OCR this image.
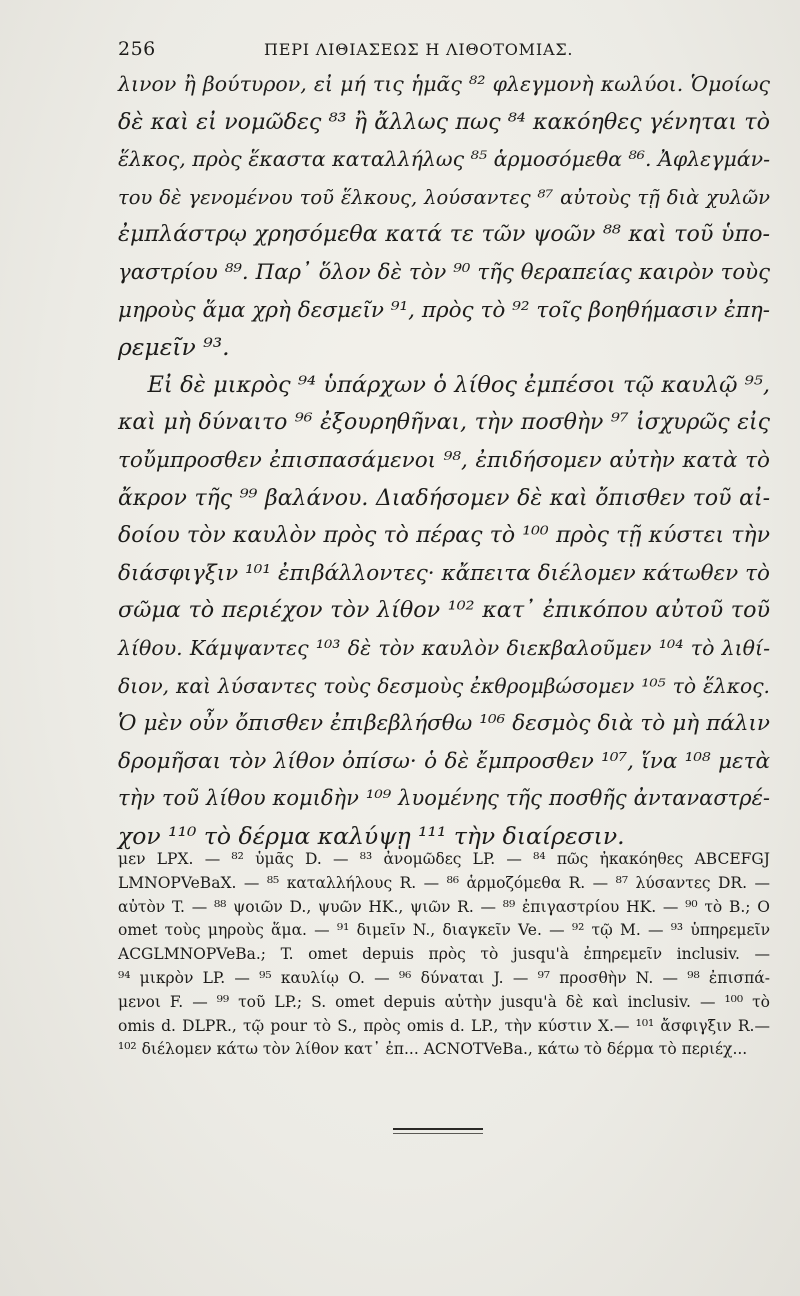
256	ΠΕΡΙ ΛΙΘΙΑΣΕΩΣ Η ΛΙΘΟΤΟΜΙΑΣ.
λινον ἢ βούτυρον, εἰ μή τις ἡμᾶς ⁸² φλεγμονὴ κωλύοι. Ὁμοίως
δὲ καὶ εἰ νομῶδες ⁸³ ἢ ἄλλως πως ⁸⁴ κακόηθες γένηται τὸ
ἕλκος, πρὸς ἕκαστα καταλλήλως ⁸⁵ ἁρμοσόμεθα ⁸⁶. Ἀφλεγμάν-
του δὲ γενομένου τοῦ ἕλκους, λούσαντες ⁸⁷ αὐτοὺς τῇ διὰ χυλῶν
ἐμπλάστρῳ χρησόμεθα κατά τε τῶν ψοῶν ⁸⁸ καὶ τοῦ ὑπο-
γαστρίου ⁸⁹. Παρ᾿ ὅλον δὲ τὸν ⁹⁰ τῆς θεραπείας καιρὸν τοὺς
μηροὺς ἅμα χρὴ δεσμεῖν ⁹¹, πρὸς τὸ ⁹² τοῖς βοηθήμασιν ἐπη-
ρεμεῖν ⁹³.
Εἰ δὲ μικρὸς ⁹⁴ ὑπάρχων ὁ λίθος ἐμπέσοι τῷ καυλῷ ⁹⁵,
καὶ μὴ δύναιτο ⁹⁶ ἐξουρηθῆναι, τὴν ποσθὴν ⁹⁷ ἰσχυρῶς εἰς
τοὔμπροσθεν ἐπισπασάμενοι ⁹⁸, ἐπιδήσομεν αὐτὴν κατὰ τὸ
ἄκρον τῆς ⁹⁹ βαλάνου. Διαδήσομεν δὲ καὶ ὄπισθεν τοῦ αἰ-
δοίου τὸν καυλὸν πρὸς τὸ πέρας τὸ ¹⁰⁰ πρὸς τῇ κύστει τὴν
διάσφιγξιν ¹⁰¹ ἐπιβάλλοντες· κἄπειτα διέλομεν κάτωθεν τὸ
σῶμα τὸ περιέχον τὸν λίθον ¹⁰² κατ᾿ ἐπικόπου αὐτοῦ τοῦ
λίθου. Κάμψαντες ¹⁰³ δὲ τὸν καυλὸν διεκβαλοῦμεν ¹⁰⁴ τὸ λιθί-
διον, καὶ λύσαντες τοὺς δεσμοὺς ἐκθρομβώσομεν ¹⁰⁵ τὸ ἕλκος.
Ὁ μὲν οὖν ὄπισθεν ἐπιβεβλήσθω ¹⁰⁶ δεσμὸς διὰ τὸ μὴ πάλιν
δρομῆσαι τὸν λίθον ὀπίσω· ὁ δὲ ἔμπροσθεν ¹⁰⁷, ἵνα ¹⁰⁸ μετὰ
τὴν τοῦ λίθου κομιδὴν ¹⁰⁹ λυομένης τῆς ποσθῆς ἀνταναστρέ-
χον ¹¹⁰ τὸ δέρμα καλύψῃ ¹¹¹ τὴν διαίρεσιν.
μεν LPX. — ⁸² ὑμᾶς D. — ⁸³ ἀνομῶδες LP. — ⁸⁴ πῶς ἠκακόηθες ABCEFGJ
LMNOPVeBaX. — ⁸⁵ καταλλήλους R. — ⁸⁶ ἁρμοζόμεθα R. — ⁸⁷ λύσαντες DR. —
αὐτὸν T. — ⁸⁸ ψοιῶν D., ψυῶν HK., ψιῶν R. — ⁸⁹ ἐπιγαστρίου HK. — ⁹⁰ τὸ B.; O
omet τοὺς μηροὺς ἅμα. — ⁹¹ διμεῖν N., διαγκεῖν Ve. — ⁹² τῷ M. — ⁹³ ὑπηρεμεῖν
ACGLMNOPVeBa.; T. omet depuis πρὸς τὸ jusqu'à ἐπηρεμεῖν inclusiv. —
⁹⁴ μικρὸν LP. — ⁹⁵ καυλίῳ O. — ⁹⁶ δύναται J. — ⁹⁷ προσθὴν N. — ⁹⁸ ἐπισπά-
μενοι F. — ⁹⁹ τοῦ LP.; S. omet depuis αὐτὴν jusqu'à δὲ καὶ inclusiv. — ¹⁰⁰ τὸ
omis d. DLPR., τῷ pour τὸ S., πρὸς omis d. LP., τὴν κύστιν X.— ¹⁰¹ ἄσφιγξιν R.—
¹⁰² διέλομεν κάτω τὸν λίθον κατ᾿ ἐπ... ACNOTVeBa., κάτω τὸ δέρμα τὸ περιέχ...
